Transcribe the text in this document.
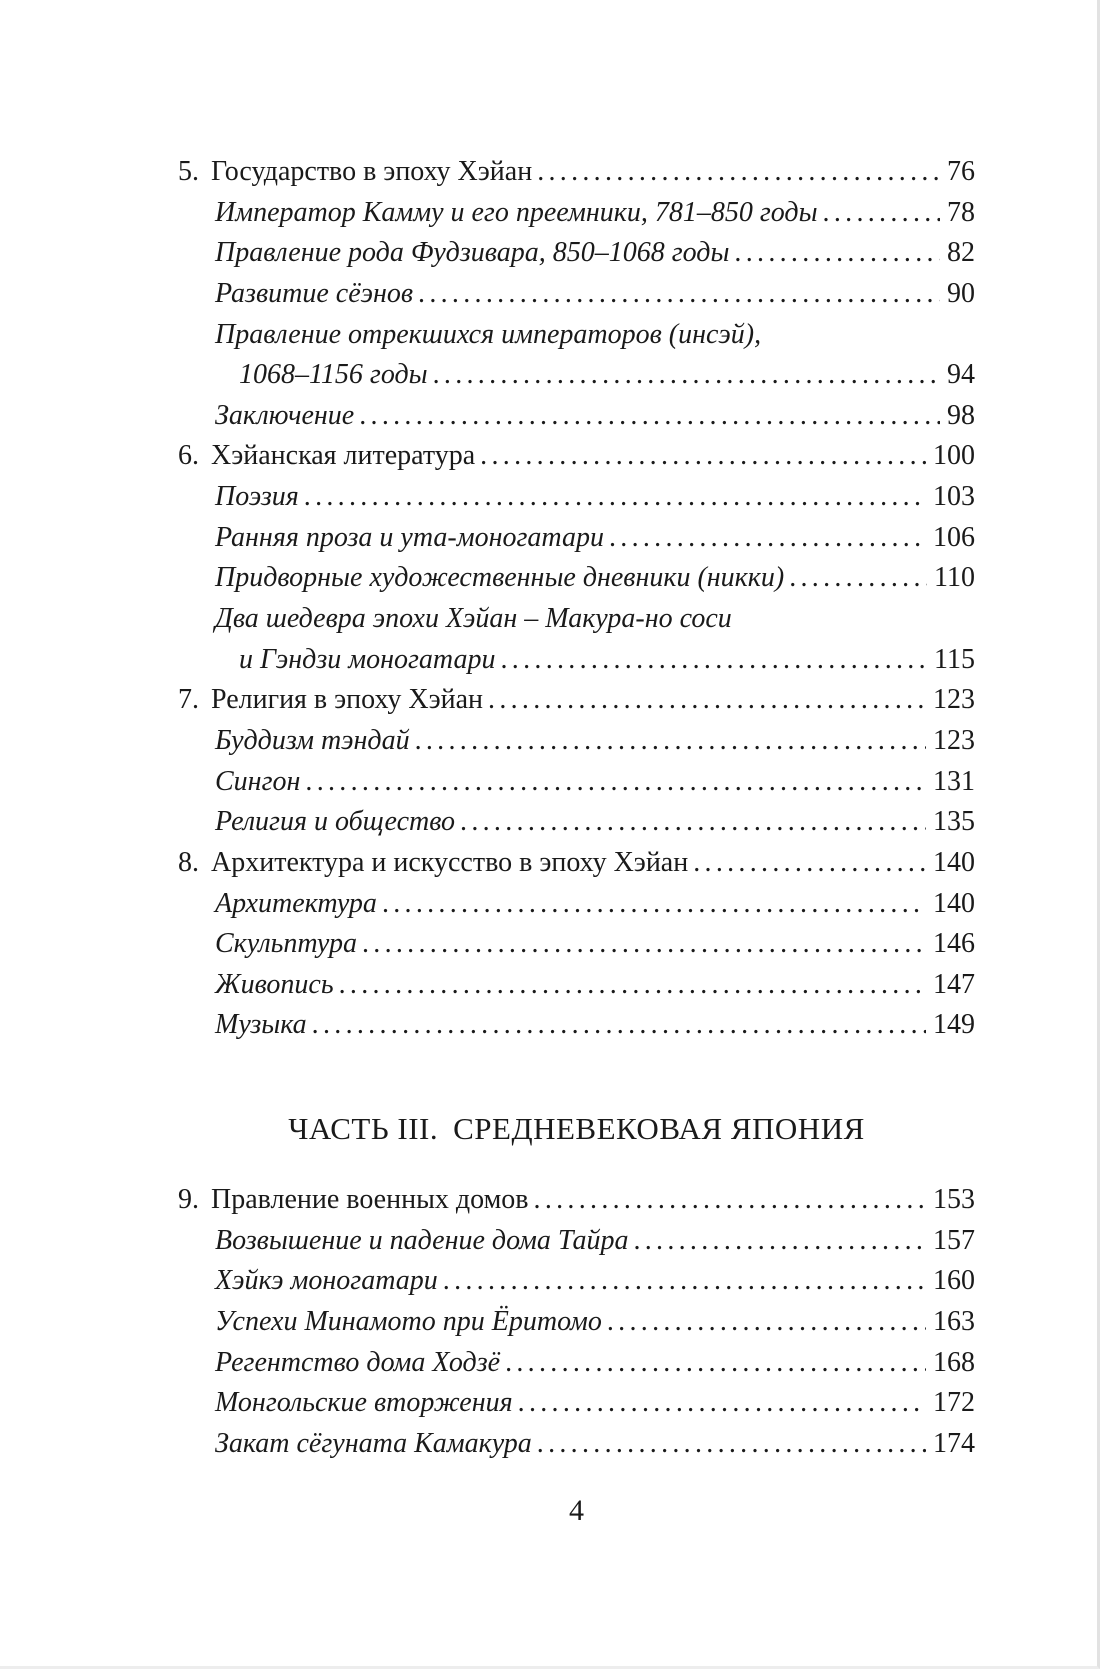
5. Государство в эпоху Хэйан .....	76
Император Камму и его преемники, 781–850 годы .....	78
Правление рода Фудзивара, 850–1068 годы .....	82
Развитие сёэнов .....	90
Правление отрекшихся императоров (инсэй),
1068–1156 годы .....	94
Заключение .....	98
6. Хэйанская литература .....	100
Поэзия .....	103
Ранняя проза и ута-моногатари .....	106
Придворные художественные дневники (никки) .....	110
Два шедевра эпохи Хэйан – Макура-но соси
и Гэндзи моногатари .....	115
7. Религия в эпоху Хэйан .....	123
Буддизм тэндай .....	123
Сингон .....	131
Религия и общество .....	135
8. Архитектура и искусство в эпоху Хэйан .....	140
Архитектура .....	140
Скульптура .....	146
Живопись .....	147
Музыка .....	149
ЧАСТЬ III. СРЕДНЕВЕКОВАЯ ЯПОНИЯ
9. Правление военных домов .....	153
Возвышение и падение дома Тайра .....	157
Хэйкэ моногатари .....	160
Успехи Минамото при Ёритомо .....	163
Регентство дома Ходзё .....	168
Монгольские вторжения .....	172
Закат сёгуната Камакура .....	174
4
